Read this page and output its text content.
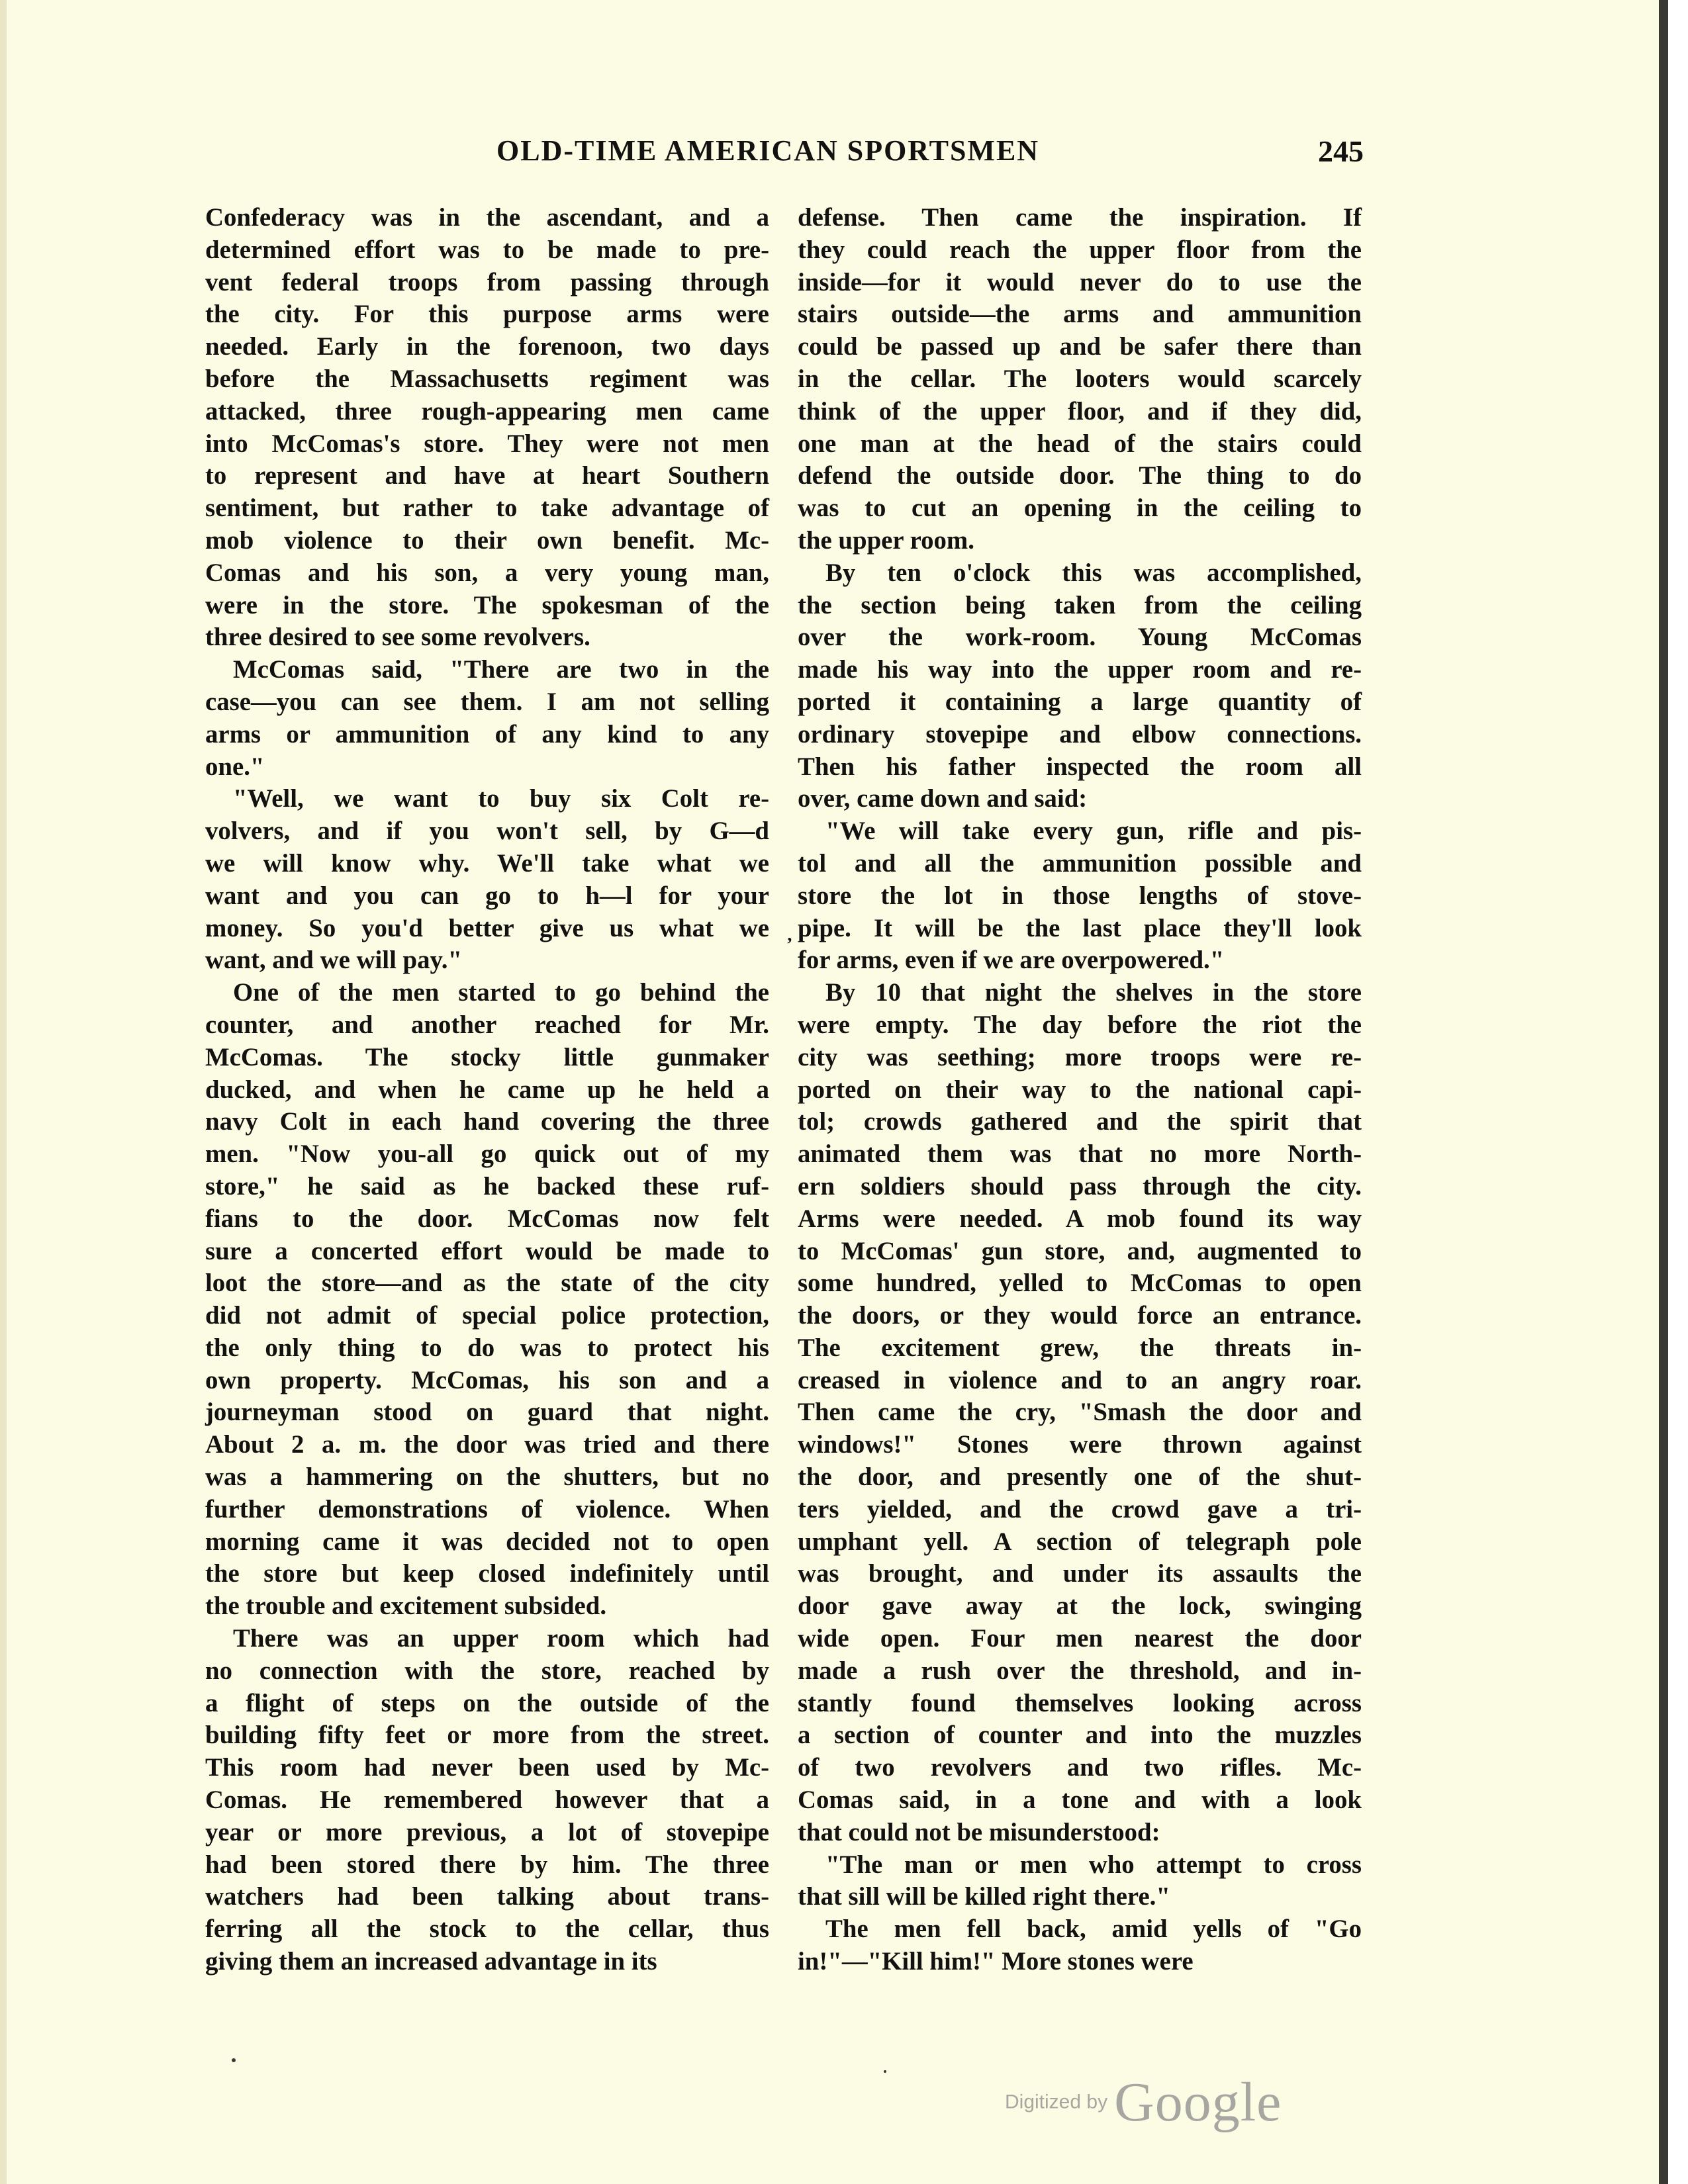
OLD-TIME AMERICAN SPORTSMEN	245

Confederacy was in the ascendant, and a
determined effort was to be made to pre-
vent federal troops from passing through
the city. For this purpose arms were
needed. Early in the forenoon, two days
before the Massachusetts regiment was
attacked, three rough-appearing men came
into McComas's store. They were not men
to represent and have at heart Southern
sentiment, but rather to take advantage of
mob violence to their own benefit. Mc-
Comas and his son, a very young man,
were in the store. The spokesman of the
three desired to see some revolvers.

McComas said, "There are two in the
case—you can see them. I am not selling
arms or ammunition of any kind to any
one."

"Well, we want to buy six Colt re-
volvers, and if you won't sell, by G—d
we will know why. We'll take what we
want and you can go to h—l for your
money. So you'd better give us what we
want, and we will pay."

One of the men started to go behind the
counter, and another reached for Mr.
McComas. The stocky little gunmaker
ducked, and when he came up he held a
navy Colt in each hand covering the three
men. "Now you-all go quick out of my
store," he said as he backed these ruf-
fians to the door. McComas now felt
sure a concerted effort would be made to
loot the store—and as the state of the city
did not admit of special police protection,
the only thing to do was to protect his
own property. McComas, his son and a
journeyman stood on guard that night.
About 2 a. m. the door was tried and there
was a hammering on the shutters, but no
further demonstrations of violence. When
morning came it was decided not to open
the store but keep closed indefinitely until
the trouble and excitement subsided.

There was an upper room which had
no connection with the store, reached by
a flight of steps on the outside of the
building fifty feet or more from the street.
This room had never been used by Mc-
Comas. He remembered however that a
year or more previous, a lot of stovepipe
had been stored there by him. The three
watchers had been talking about trans-
ferring all the stock to the cellar, thus
giving them an increased advantage in its

defense. Then came the inspiration. If
they could reach the upper floor from the
inside—for it would never do to use the
stairs outside—the arms and ammunition
could be passed up and be safer there than
in the cellar. The looters would scarcely
think of the upper floor, and if they did,
one man at the head of the stairs could
defend the outside door. The thing to do
was to cut an opening in the ceiling to
the upper room.

By ten o'clock this was accomplished,
the section being taken from the ceiling
over the work-room. Young McComas
made his way into the upper room and re-
ported it containing a large quantity of
ordinary stovepipe and elbow connections.
Then his father inspected the room all
over, came down and said:

"We will take every gun, rifle and pis-
tol and all the ammunition possible and
store the lot in those lengths of stove-
pipe. It will be the last place they'll look
for arms, even if we are overpowered."

By 10 that night the shelves in the store
were empty. The day before the riot the
city was seething; more troops were re-
ported on their way to the national capi-
tol; crowds gathered and the spirit that
animated them was that no more North-
ern soldiers should pass through the city.
Arms were needed. A mob found its way
to McComas' gun store, and, augmented to
some hundred, yelled to McComas to open
the doors, or they would force an entrance.
The excitement grew, the threats in-
creased in violence and to an angry roar.
Then came the cry, "Smash the door and
windows!" Stones were thrown against
the door, and presently one of the shut-
ters yielded, and the crowd gave a tri-
umphant yell. A section of telegraph pole
was brought, and under its assaults the
door gave away at the lock, swinging
wide open. Four men nearest the door
made a rush over the threshold, and in-
stantly found themselves looking across
a section of counter and into the muzzles
of two revolvers and two rifles. Mc-
Comas said, in a tone and with a look
that could not be misunderstood:

"The man or men who attempt to cross
that sill will be killed right there."

The men fell back, amid yells of "Go
in!"—"Kill him!" More stones were

’
Digitized by Google
